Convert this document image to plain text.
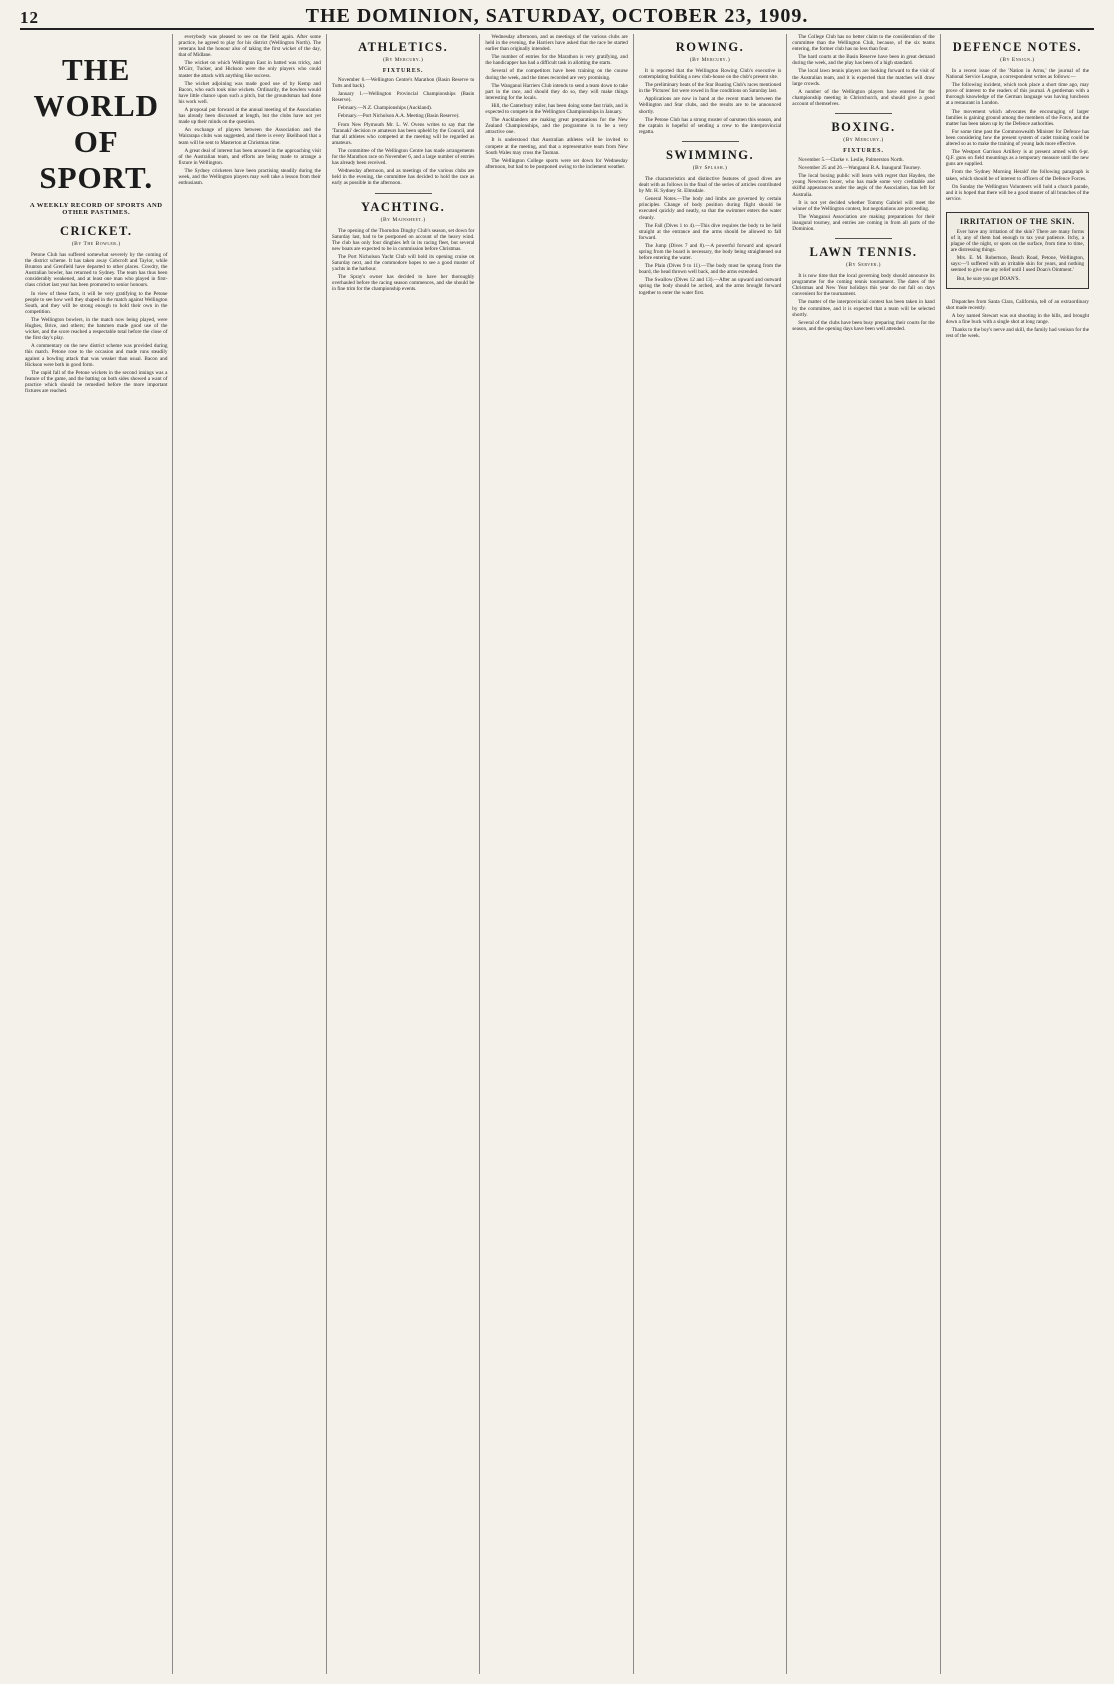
12	THE DOMINION, SATURDAY, OCTOBER 23, 1909.
THE WORLD OF SPORT.
A WEEKLY RECORD OF SPORTS AND OTHER PASTIMES.
CRICKET.
(By The Bowler.)

Petone Club has suffered somewhat severely by the coming of the district scheme. It has taken away Cobcroft and Taylor, while Brunton and Grenfield have departed to other places. Cowdry, the Australian bowler, has returned to Sydney. The team has thus been considerably weakened, and at least one man who played in first-class cricket last year has been promoted to senior honours.

In view of these facts, it will be very gratifying to the Petone people to see how well they shaped in the match against Wellington South, and they will be strong enough to hold their own in the competition.

The Wellington bowlers, in the match now being played, were Hughes, Brice, and others; the batsmen made good use of the wicket, and the score reached a respectable total before the close of the first day's play.

A commentary on the new district scheme was provided during this match. Petone rose to the occasion and made runs steadily against a bowling attack that was weaker than usual. Bacon and Hickson were both in good form.

The rapid fall of the Petone wickets in the second innings was a feature of the game, and the batting on both sides showed a want of practice which should be remedied before the more important fixtures are reached.

everybody was pleased to see on the field again. After some practice, he agreed to play for his district (Wellington North). The veterans had the honour also of taking the first wicket of the day, that of Midlane.

The wicket on which Wellington East in batted was tricky, and M'Girr, Tucker, and Hickson were the only players who could master the attack with anything like success.

The wicket adjoining was made good use of by Kemp and Bacon, who each took nine wickets. Ordinarily, the bowlers would have little chance upon such a pitch, but the groundsman had done his work well.

A proposal put forward at the annual meeting of the Association has already been discussed at length, but the clubs have not yet made up their minds on the question.

An exchange of players between the Association and the Wairarapa clubs was suggested, and there is every likelihood that a team will be sent to Masterton at Christmas time.

A great deal of interest has been aroused in the approaching visit of the Australian team, and efforts are being made to arrange a fixture in Wellington.

The Sydney cricketers have been practising steadily during the week, and the Wellington players may well take a lesson from their enthusiasm.

ATHLETICS.
(By Mercury.)
FIXTURES.

November 6.—Wellington Centre's Marathon (Basin Reserve to Tutts and back).

January 1.—Wellington Provincial Championships (Basin Reserve).

February.—N.Z. Championships (Auckland).

February.—Port Nicholson A.A. Meeting (Basin Reserve).

From New Plymouth Mr. L. W. Ovens writes to say that the 'Taranaki' decision re amateurs has been upheld by the Council, and that all athletes who competed at the meeting will be regarded as amateurs.

The committee of the Wellington Centre has made arrangements for the Marathon race on November 6, and a large number of entries has already been received.

Wednesday afternoon, and as meetings of the various clubs are held in the evening, the committee has decided to hold the race as early as possible in the afternoon.

YACHTING.
(By Mainsheet.)

The opening of the Thorndon Dinghy Club's season, set down for Saturday last, had to be postponed on account of the heavy wind. The club has only four dinghies left in its racing fleet, but several new boats are expected to be in commission before Christmas.

The Port Nicholson Yacht Club will hold its opening cruise on Saturday next, and the commodore hopes to see a good muster of yachts in the harbour.

The Spray's owner has decided to have her thoroughly overhauled before the racing season commences, and she should be in fine trim for the championship events.

Wednesday afternoon, and as meetings of the various clubs are held in the evening, the Harriers have asked that the race be started earlier than originally intended.

The number of entries for the Marathon is very gratifying, and the handicapper has had a difficult task in allotting the starts.

Several of the competitors have been training on the course during the week, and the times recorded are very promising.

The Wanganui Harriers Club intends to send a team down to take part in the race, and should they do so, they will make things interesting for the locals.

Hill, the Canterbury miler, has been doing some fast trials, and is expected to compete in the Wellington Championships in January.

The Aucklanders are making great preparations for the New Zealand Championships, and the programme is to be a very attractive one.

It is understood that Australian athletes will be invited to compete at the meeting, and that a representative team from New South Wales may cross the Tasman.

The Wellington College sports were set down for Wednesday afternoon, but had to be postponed owing to the inclement weather.

ROWING.
(By Mercury.)

It is reported that the Wellington Rowing Club's executive is contemplating building a new club-house on the club's present site.

The preliminary heats of the Star Boating Club's races mentioned in the 'Pictures' list were rowed in fine conditions on Saturday last.

Applications are now in hand at the recent match between the Wellington and Star clubs, and the results are to be announced shortly.

The Petone Club has a strong muster of oarsmen this season, and the captain is hopeful of sending a crew to the interprovincial regatta.

SWIMMING.
(By Splash.)

The characteristics and distinctive features of good dives are dealt with as follows in the final of the series of articles contributed by Mr. H. Sydney St. Elmsdale.

General Notes.—The body and limbs are governed by certain principles. Change of body position during flight should be executed quickly and neatly, so that the swimmer enters the water cleanly.

The Fall (Dives 1 to 4).—This dive requires the body to be held straight at the entrance and the arms should be allowed to fall forward.

The Jump (Dives 7 and 8).—A powerful forward and upward spring from the board is necessary, the body being straightened out before entering the water.

The Plain (Dives 9 to 11).—The body must be sprung from the board, the head thrown well back, and the arms extended.

The Swallow (Dives 12 and 13).—After an upward and outward spring the body should be arched, and the arms brought forward together to enter the water first.

The College Club has no better claim to the consideration of the committee than the Wellington Club, because, of the six teams entering, the former club has no less than four.

The hard courts at the Basin Reserve have been in great demand during the week, and the play has been of a high standard.

The local lawn tennis players are looking forward to the visit of the Australian team, and it is expected that the matches will draw large crowds.

A number of the Wellington players have entered for the championship meeting in Christchurch, and should give a good account of themselves.

BOXING.
(By Mercury.)
FIXTURES.

November 5.—Clarke v. Leslie, Palmerston North.

November 25 and 26.—Wanganui B.A. Inaugural Tourney.

The local boxing public will learn with regret that Hayden, the young Newtown boxer, who has made some very creditable and skilful appearances under the aegis of the Association, has left for Australia.

It is not yet decided whether Tommy Gabriel will meet the winner of the Wellington contest, but negotiations are proceeding.

The Wanganui Association are making preparations for their inaugural tourney, and entries are coming in from all parts of the Dominion.

LAWN TENNIS.
(By Server.)

It is now time that the local governing body should announce its programme for the coming tennis tournament. The dates of the Christmas and New Year holidays this year do not fall on days convenient for the tournament.

The matter of the interprovincial contest has been taken in hand by the committee, and it is expected that a team will be selected shortly.

Several of the clubs have been busy preparing their courts for the season, and the opening days have been well attended.

DEFENCE NOTES.
(By Ensign.)

In a recent issue of the 'Nation in Arms,' the journal of the National Service League, a correspondent writes as follows:—

The following incident, which took place a short time ago, may prove of interest to the readers of this journal. A gentleman with a thorough knowledge of the German language was having luncheon at a restaurant in London.

The movement which advocates the encouraging of larger families is gaining ground among the members of the Force, and the matter has been taken up by the Defence authorities.

For some time past the Commonwealth Minister for Defence has been considering how the present system of cadet training could be altered so as to make the training of young lads more effective.

The Westport Garrison Artillery is at present armed with 6-pr. Q.F. guns on field mountings as a temporary measure until the new guns are supplied.

From the 'Sydney Morning Herald' the following paragraph is taken, which should be of interest to officers of the Defence Forces.

On Sunday the Wellington Volunteers will hold a church parade, and it is hoped that there will be a good muster of all branches of the service.

IRRITATION OF THE SKIN.

Ever have any irritation of the skin? There are many forms of it, any of them bad enough to tax your patience. Itchy, a plague of the night, or spots on the surface, from time to time, are distressing things.

Mrs. E. M. Robertson, Beach Road, Petone, Wellington, says:—'I suffered with an irritable skin for years, and nothing seemed to give me any relief until I used Doan's Ointment.'

But, be sure you get DOAN'S.

Dispatches from Santa Clara, California, tell of an extraordinary shot made recently.

A boy named Stewart was out shooting in the hills, and brought down a fine buck with a single shot at long range.

Thanks to the boy's nerve and skill, the family had venison for the rest of the week.
